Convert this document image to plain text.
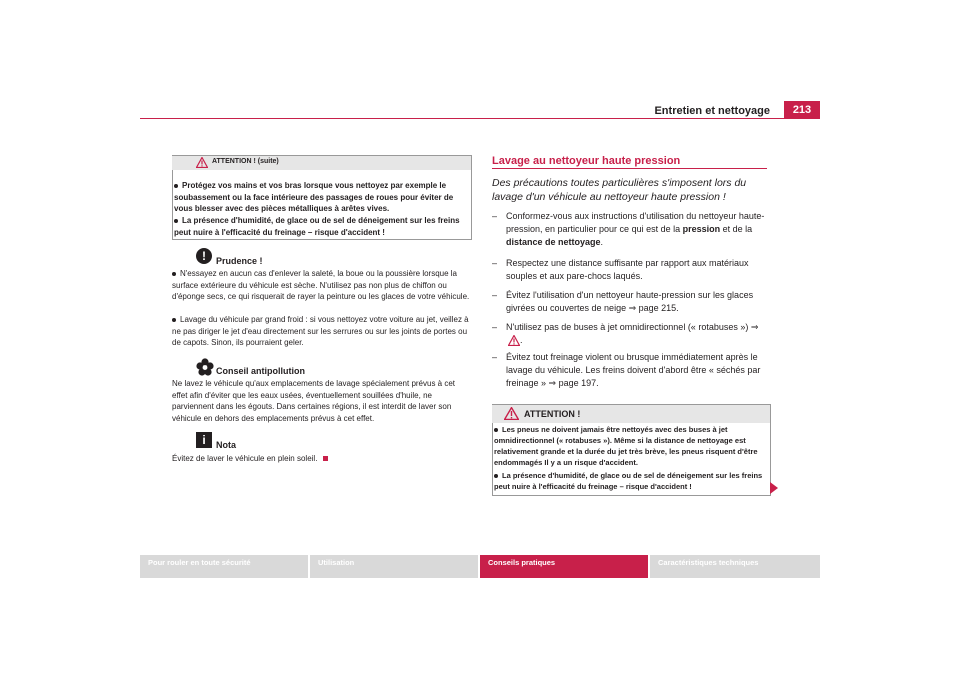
Entretien et nettoyage	213
ATTENTION ! (suite)
Protégez vos mains et vos bras lorsque vous nettoyez par exemple le soubassement ou la face intérieure des passages de roues pour éviter de vous blesser avec des pièces métalliques à arêtes vives.
La présence d'humidité, de glace ou de sel de déneigement sur les freins peut nuire à l'efficacité du freinage – risque d'accident !
!	Prudence !
N'essayez en aucun cas d'enlever la saleté, la boue ou la poussière lorsque la surface extérieure du véhicule est sèche. N'utilisez pas non plus de chiffon ou d'éponge secs, ce qui risquerait de rayer la peinture ou les glaces de votre véhicule.
Lavage du véhicule par grand froid : si vous nettoyez votre voiture au jet, veillez à ne pas diriger le jet d'eau directement sur les serrures ou sur les joints de portes ou de capots. Sinon, ils pourraient geler.
Conseil antipollution
Ne lavez le véhicule qu'aux emplacements de lavage spécialement prévus à cet effet afin d'éviter que les eaux usées, éventuellement souillées d'huile, ne parviennent dans les égouts. Dans certaines régions, il est interdit de laver son véhicule en dehors des emplacements prévus à cet effet.
i	Nota
Évitez de laver le véhicule en plein soleil.
Lavage au nettoyeur haute pression
Des précautions toutes particulières s'imposent lors du lavage d'un véhicule au nettoyeur haute pression !
– Conformez-vous aux instructions d'utilisation du nettoyeur haute-pression, en particulier pour ce qui est de la pression et de la distance de nettoyage.
– Respectez une distance suffisante par rapport aux matériaux souples et aux pare-chocs laqués.
– Évitez l'utilisation d'un nettoyeur haute-pression sur les glaces givrées ou couvertes de neige ⇒ page 215.
– N'utilisez pas de buses à jet omnidirectionnel (« rotabuses ») ⇒ .
– Évitez tout freinage violent ou brusque immédiatement après le lavage du véhicule. Les freins doivent d'abord être « séchés par freinage » ⇒ page 197.
ATTENTION !
Les pneus ne doivent jamais être nettoyés avec des buses à jet omnidirectionnel (« rotabuses »). Même si la distance de nettoyage est relativement grande et la durée du jet très brève, les pneus risquent d'être endommagés Il y a un risque d'accident.
La présence d'humidité, de glace ou de sel de déneigement sur les freins peut nuire à l'efficacité du freinage – risque d'accident !
Pour rouler en toute sécurité	Utilisation	Conseils pratiques	Caractéristiques techniques
